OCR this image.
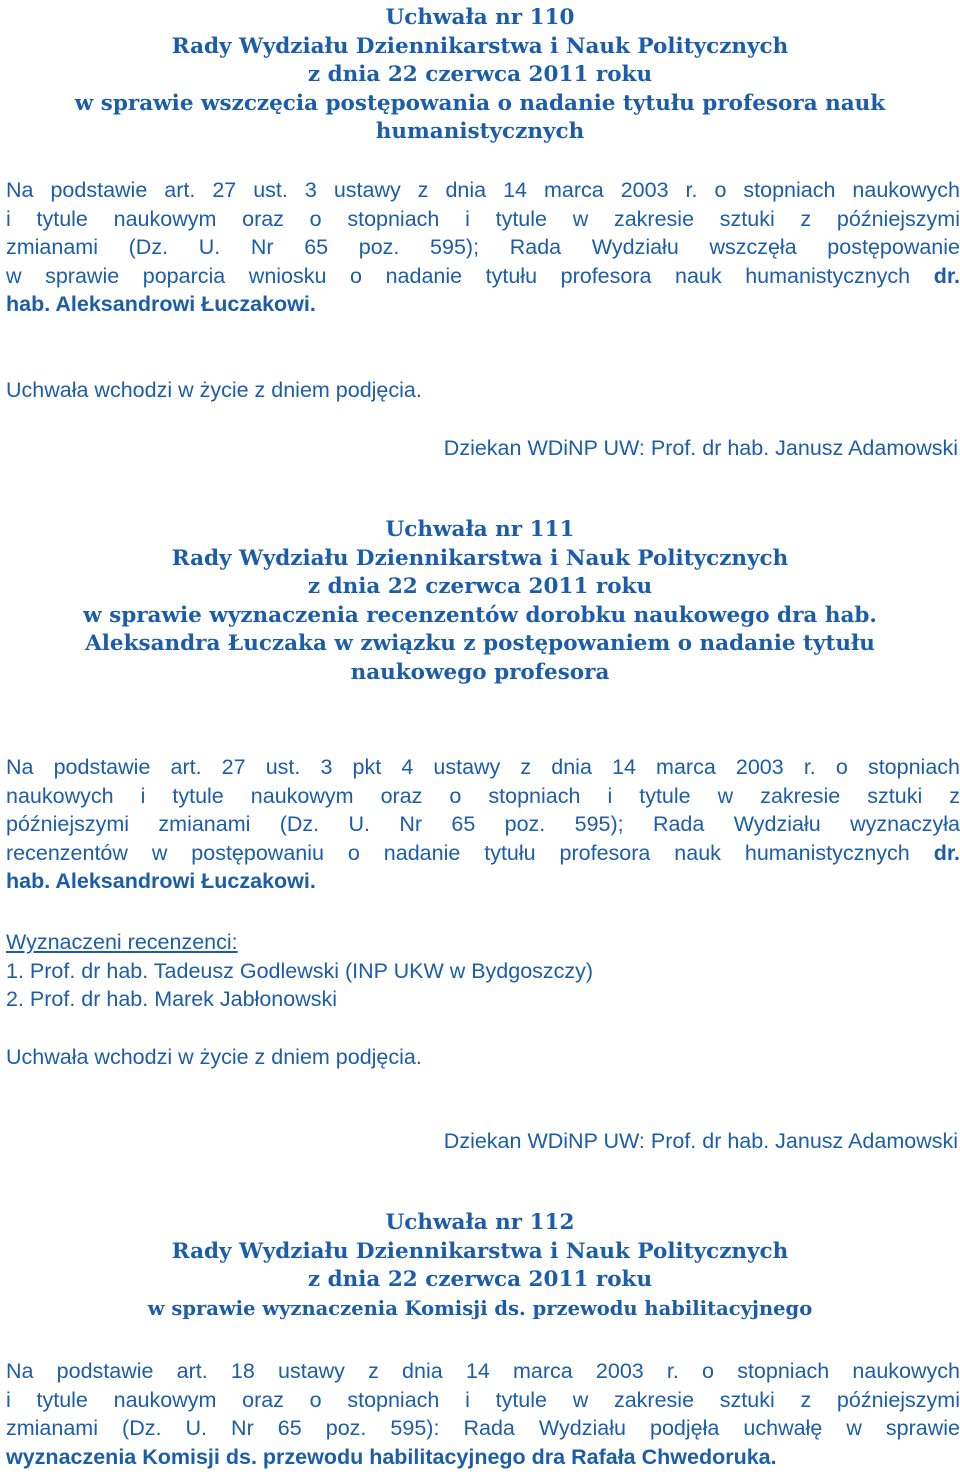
Uchwała nr 110
Rady Wydziału Dziennikarstwa i Nauk Politycznych
z dnia 22 czerwca 2011 roku
w sprawie wszczęcia postępowania o nadanie tytułu profesora nauk
humanistycznych
Na podstawie art. 27 ust. 3 ustawy z dnia 14 marca 2003 r. o stopniach naukowych
i tytule naukowym oraz o stopniach i tytule w zakresie sztuki z późniejszymi
zmianami (Dz. U. Nr 65 poz. 595); Rada Wydziału wszczęła postępowanie
w sprawie poparcia wniosku o nadanie tytułu profesora nauk humanistycznych dr.
hab. Aleksandrowi Łuczakowi.
Uchwała wchodzi w życie z dniem podjęcia.
Dziekan WDiNP UW: Prof. dr hab. Janusz Adamowski
Uchwała nr 111
Rady Wydziału Dziennikarstwa i Nauk Politycznych
z dnia 22 czerwca 2011 roku
w sprawie wyznaczenia recenzentów dorobku naukowego dra hab.
Aleksandra Łuczaka w związku z postępowaniem o nadanie tytułu
naukowego profesora
Na podstawie art. 27 ust. 3 pkt 4 ustawy z dnia 14 marca 2003 r. o stopniach
naukowych i tytule naukowym oraz o stopniach i tytule w zakresie sztuki z
późniejszymi zmianami (Dz. U. Nr 65 poz. 595); Rada Wydziału wyznaczyła
recenzentów w postępowaniu o nadanie tytułu profesora nauk humanistycznych dr.
hab. Aleksandrowi Łuczakowi.
Wyznaczeni recenzenci:
1. Prof. dr hab. Tadeusz Godlewski (INP UKW w Bydgoszczy)
2. Prof. dr hab. Marek Jabłonowski
Uchwała wchodzi w życie z dniem podjęcia.
Dziekan WDiNP UW: Prof. dr hab. Janusz Adamowski
Uchwała nr 112
Rady Wydziału Dziennikarstwa i Nauk Politycznych
z dnia 22 czerwca 2011 roku
w sprawie wyznaczenia Komisji ds. przewodu habilitacyjnego
Na podstawie art. 18 ustawy z dnia 14 marca 2003 r. o stopniach naukowych
i tytule naukowym oraz o stopniach i tytule w zakresie sztuki z późniejszymi
zmianami (Dz. U. Nr 65 poz. 595): Rada Wydziału podjęła uchwałę w sprawie
wyznaczenia Komisji ds. przewodu habilitacyjnego dra Rafała Chwedoruka.
